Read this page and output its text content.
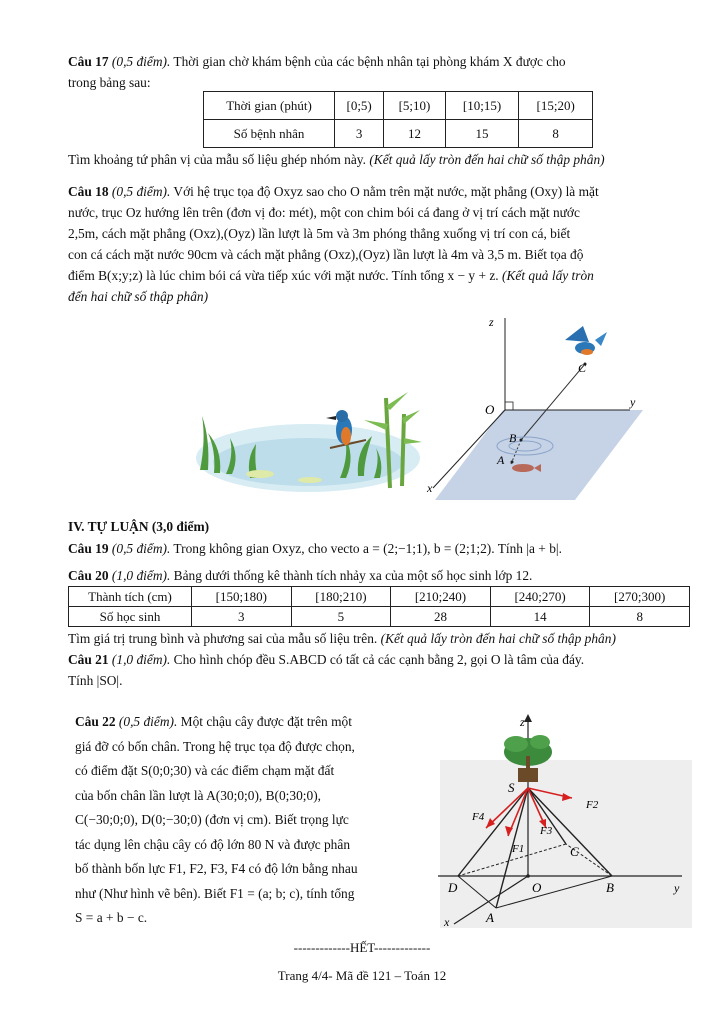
Câu 17 (0,5 điểm). Thời gian chờ khám bệnh của các bệnh nhân tại phòng khám X được cho
trong bảng sau:
Thời gian (phút)	[0;5)	[5;10)	[10;15)	[15;20)
Số bệnh nhân	3	12	15	8
Tìm khoảng tứ phân vị của mẫu số liệu ghép nhóm này. (Kết quả lấy tròn đến hai chữ số thập phân)
Câu 18 (0,5 điểm). Với hệ trục tọa độ Oxyz sao cho O nằm trên mặt nước, mặt phẳng (Oxy) là mặt
nước, trục Oz hướng lên trên (đơn vị đo: mét), một con chim bói cá đang ở vị trí cách mặt nước
2,5m, cách mặt phẳng (Oxz),(Oyz) lần lượt là 5m và 3m phóng thẳng xuống vị trí con cá, biết
con cá cách mặt nước 90cm và cách mặt phẳng (Oxz),(Oyz) lần lượt là 4m và 3,5 m. Biết tọa độ
điểm B(x;y;z) là lúc chim bói cá vừa tiếp xúc với mặt nước. Tính tổng x − y + z. (Kết quả lấy tròn
đến hai chữ số thập phân)
z
y
x
O
C
B
A
IV. TỰ LUẬN (3,0 điểm)
Câu 19 (0,5 điểm). Trong không gian Oxyz, cho vecto a = (2;−1;1), b = (2;1;2). Tính |a + b|.
Câu 20 (1,0 điểm). Bảng dưới thống kê thành tích nhảy xa của một số học sinh lớp 12.
Thành tích (cm)	[150;180)	[180;210)	[210;240)	[240;270)	[270;300)
Số học sinh	3	5	28	14	8
Tìm giá trị trung bình và phương sai của mẫu số liệu trên. (Kết quả lấy tròn đến hai chữ số thập phân)
Câu 21 (1,0 điểm). Cho hình chóp đều S.ABCD có tất cả các cạnh bằng 2, gọi O là tâm của đáy.
Tính |SO|.
Câu 22 (0,5 điểm). Một chậu cây được đặt trên một
giá đỡ có bốn chân. Trong hệ trục tọa độ được chọn,
có điểm đặt S(0;0;30) và các điểm chạm mặt đất
của bốn chân lần lượt là A(30;0;0), B(0;30;0),
C(−30;0;0), D(0;−30;0) (đơn vị cm). Biết trọng lực
tác dụng lên chậu cây có độ lớn 80 N và được phân
bố thành bốn lực F1, F2, F3, F4 có độ lớn bằng nhau
như (Như hình vẽ bên). Biết F1 = (a; b; c), tính tổng
S = a + b − c.
z
S
F1
F2
F3
F4
D	O	B
C
A
x
y
-------------HẾT-------------
Trang 4/4- Mã đề 121 – Toán 12
